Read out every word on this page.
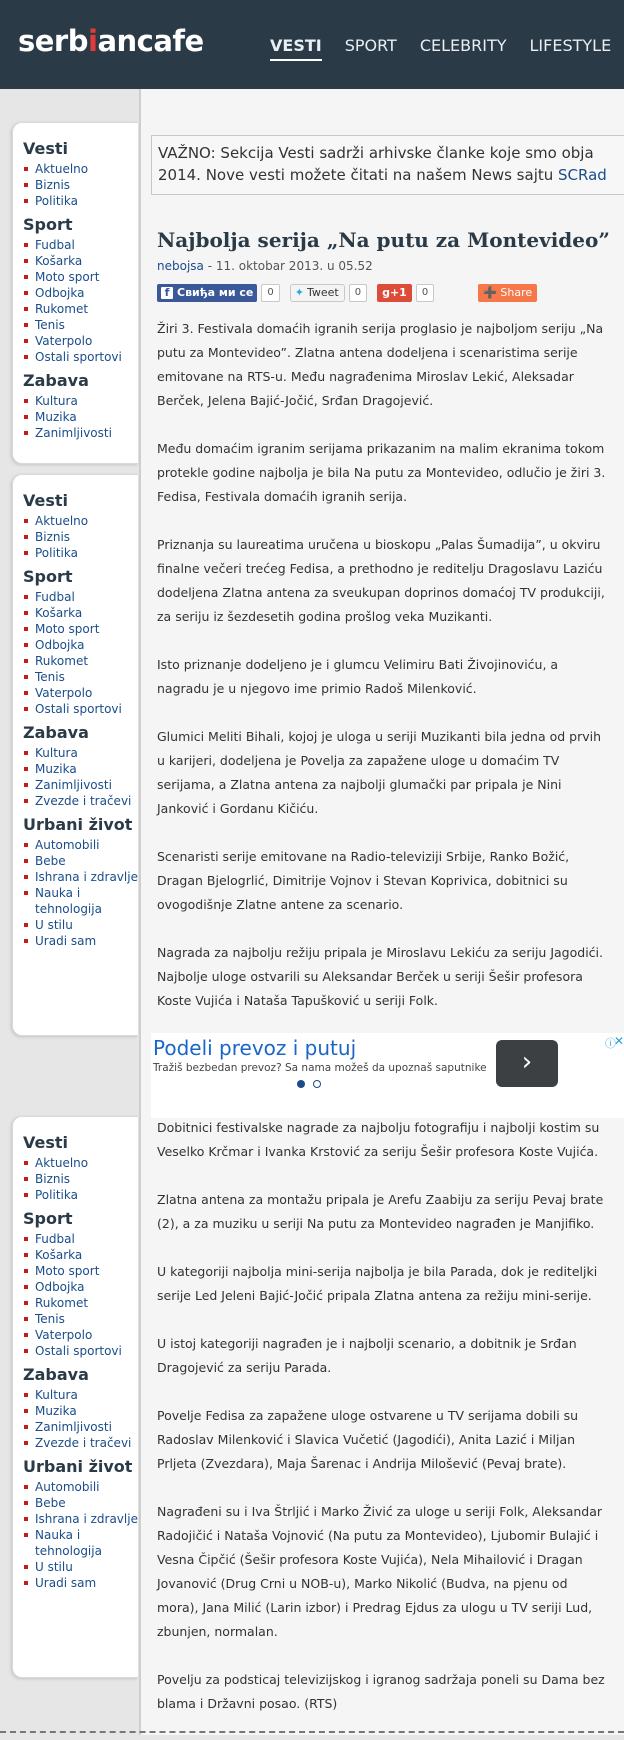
serbiancafe	VESTI SPORT CELEBRITY LIFESTYLE
Vesti
Aktuelno
Biznis
Politika
Sport
Fudbal
Košarka
Moto sport
Odbojka
Rukomet
Tenis
Vaterpolo
Ostali sportovi
Zabava
Kultura
Muzika
Zanimljivosti
Vesti
Aktuelno
Biznis
Politika
Sport
Fudbal
Košarka
Moto sport
Odbojka
Rukomet
Tenis
Vaterpolo
Ostali sportovi
Zabava
Kultura
Muzika
Zanimljivosti
Zvezde i tračevi
Urbani život
Automobili
Bebe
Ishrana i zdravlje
Nauka i tehnologija
U stilu
Uradi sam
Vesti
Aktuelno
Biznis
Politika
Sport
Fudbal
Košarka
Moto sport
Odbojka
Rukomet
Tenis
Vaterpolo
Ostali sportovi
Zabava
Kultura
Muzika
Zanimljivosti
Zvezde i tračevi
Urbani život
Automobili
Bebe
Ishrana i zdravlje
Nauka i tehnologija
U stilu
Uradi sam

VAŽNO: Sekcija Vesti sadrži arhivske članke koje smo obja
2014. Nove vesti možete čitati na našem News sajtu SCRad

Najbolja serija „Na putu za Montevideo”
nebojsa - 11. oktobar 2013. u 05.52
f Свиђа ми се	0	✦ Tweet	0	g+1	0	➕ Share

Žiri 3. Festivala domaćih igranih serija proglasio je najboljom seriju „Na putu za Montevideo”. Zlatna antena dodeljena i scenaristima serije emitovane na RTS-u. Među nagrađenima Miroslav Lekić, Aleksadar Berček, Jelena Bajić-Jočić, Srđan Dragojević.

Među domaćim igranim serijama prikazanim na malim ekranima tokom protekle godine najbolja je bila Na putu za Montevideo, odlučio je žiri 3. Fedisa, Festivala domaćih igranih serija.

Priznanja su laureatima uručena u bioskopu „Palas Šumadija”, u okviru finalne večeri trećeg Fedisa, a prethodno je reditelju Dragoslavu Laziću dodeljena Zlatna antena za sveukupan doprinos domaćoj TV produkciji, za seriju iz šezdesetih godina prošlog veka Muzikanti.

Isto priznanje dodeljeno je i glumcu Velimiru Bati Živojinoviću, a nagradu je u njegovo ime primio Radoš Milenković.

Glumici Meliti Bihali, kojoj je uloga u seriji Muzikanti bila jedna od prvih u karijeri, dodeljena je Povelja za zapažene uloge u domaćim TV serijama, a Zlatna antena za najbolji glumački par pripala je Nini Janković i Gordanu Kičiću.

Scenaristi serije emitovane na Radio-televiziji Srbije, Ranko Božić, Dragan Bjelogrlić, Dimitrije Vojnov i Stevan Koprivica, dobitnici su ovogodišnje Zlatne antene za scenario.

Nagrada za najbolju režiju pripala je Miroslavu Lekiću za seriju Jagodići. Najbolje uloge ostvarili su Aleksandar Berček u seriji Šešir profesora Koste Vujića i Nataša Tapušković u seriji Folk.

Podeli prevoz i putuj
Tražiš bezbedan prevoz? Sa nama možeš da upoznaš saputnike	›
ⓘ
✕

Dobitnici festivalske nagrade za najbolju fotografiju i najbolji kostim su Veselko Krčmar i Ivanka Krstović za seriju Šešir profesora Koste Vujića.

Zlatna antena za montažu pripala je Arefu Zaabiju za seriju Pevaj brate (2), a za muziku u seriji Na putu za Montevideo nagrađen je Manjifiko.

U kategoriji najbolja mini-serija najbolja je bila Parada, dok je rediteljki serije Led Jeleni Bajić-Jočić pripala Zlatna antena za režiju mini-serije.

U istoj kategoriji nagrađen je i najbolji scenario, a dobitnik je Srđan Dragojević za seriju Parada.

Povelje Fedisa za zapažene uloge ostvarene u TV serijama dobili su Radoslav Milenković i Slavica Vučetić (Jagodići), Anita Lazić i Miljan Prljeta (Zvezdara), Maja Šarenac i Andrija Milošević (Pevaj brate).

Nagrađeni su i Iva Štrljić i Marko Živić za uloge u seriji Folk, Aleksandar Radojičić i Nataša Vojnović (Na putu za Montevideo), Ljubomir Bulajić i Vesna Čipčić (Šešir profesora Koste Vujića), Nela Mihailović i Dragan Jovanović (Drug Crni u NOB-u), Marko Nikolić (Budva, na pjenu od mora), Jana Milić (Larin izbor) i Predrag Ejdus za ulogu u TV seriji Lud, zbunjen, normalan.

Povelju za podsticaj televizijskog i igranog sadržaja poneli su Dama bez blama i Državni posao. (RTS)
